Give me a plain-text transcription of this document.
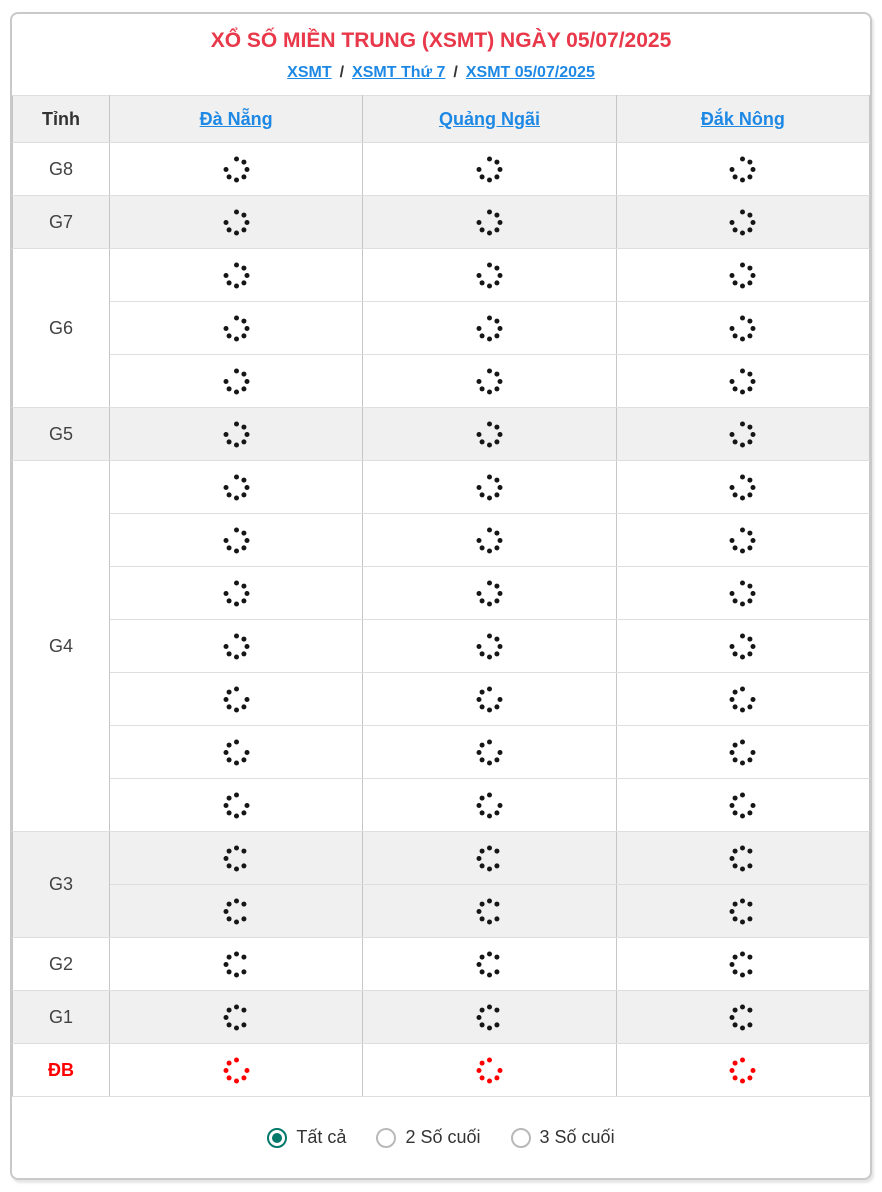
XỔ SỐ MIỀN TRUNG (XSMT) NGÀY 05/07/2025
XSMT / XSMT Thứ 7 / XSMT 05/07/2025
Tỉnh	Đà Nẵng	Quảng Ngãi	Đắk Nông
G8	

G7	

G6	

G5	

G4	

G3	

G2	

G1	

ĐB	

Tất cả	2 Số cuối	3 Số cuối
